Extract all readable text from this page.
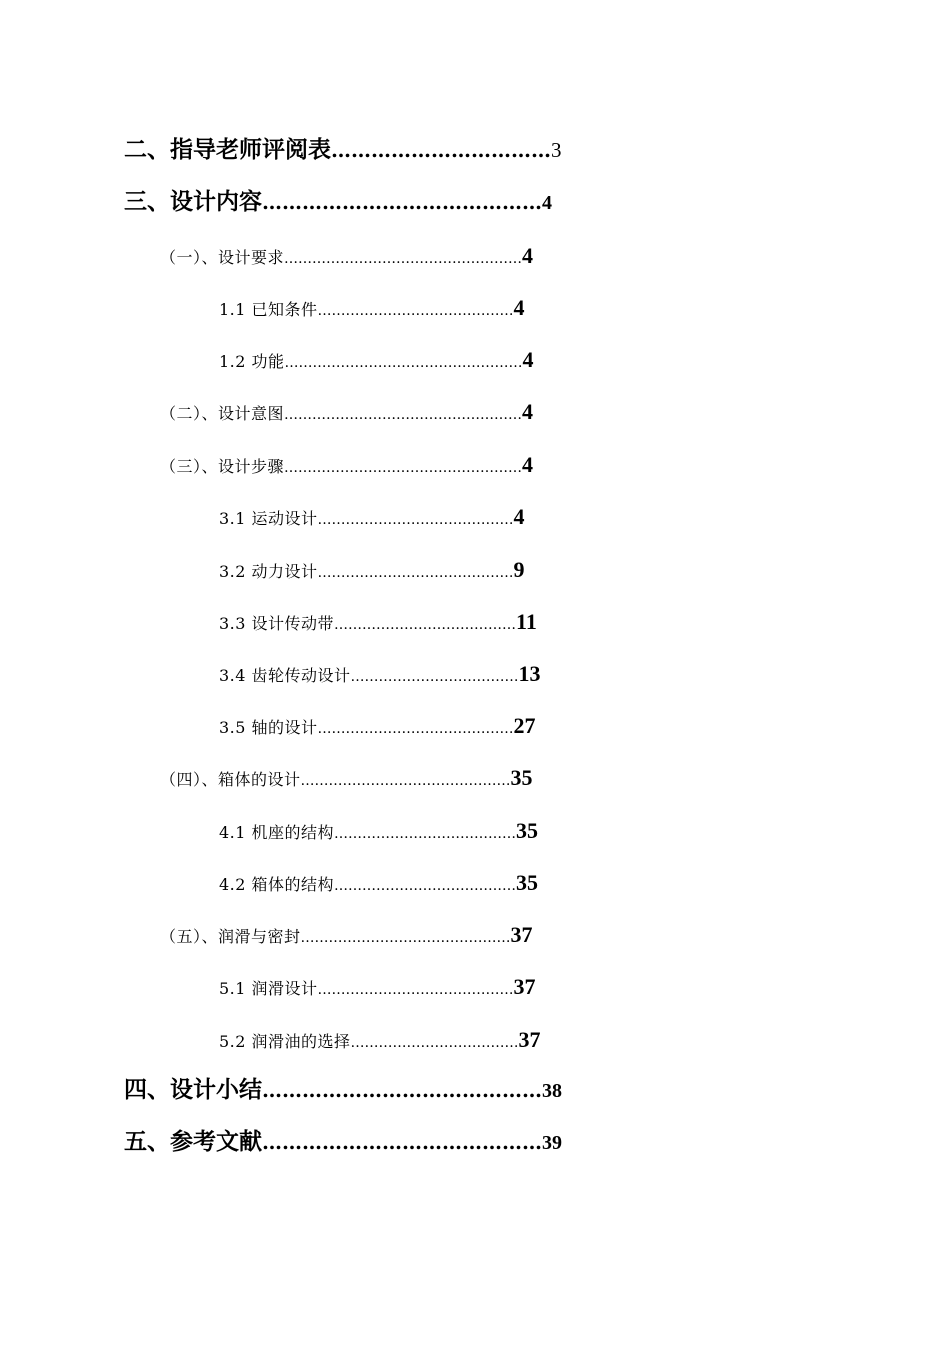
二、指导老师评阅表……………………………3
三、设计内容……………………………………4
（一）、设计要求……………………………………………4
1.1 已知条件……………………………………4
1.2 功能……………………………………………4
（二）、设计意图……………………………………………4
（三）、设计步骤……………………………………………4
3.1 运动设计……………………………………4
3.2 动力设计……………………………………9
3.3 设计传动带…………………………………11
3.4 齿轮传动设计………………………………13
3.5 轴的设计……………………………………27
（四）、箱体的设计………………………………………35
4.1 机座的结构…………………………………35
4.2 箱体的结构…………………………………35
（五）、润滑与密封………………………………………37
5.1 润滑设计……………………………………37
5.2 润滑油的选择………………………………37
四、设计小结……………………………………38
五、参考文献……………………………………39
